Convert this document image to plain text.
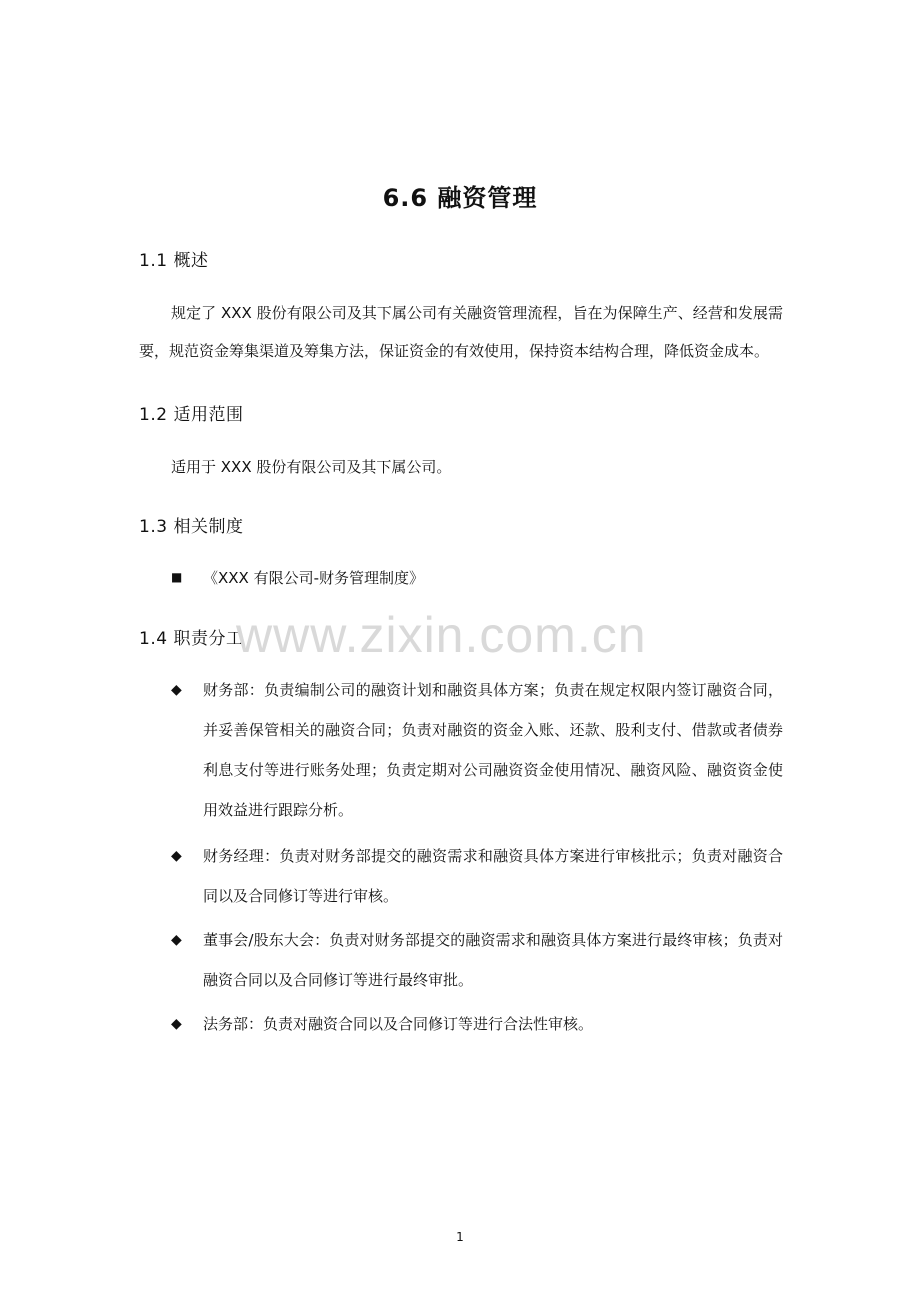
6.6 融资管理
1.1 概述
规定了 XXX 股份有限公司及其下属公司有关融资管理流程，旨在为保障生产、经营和发展需要，规范资金筹集渠道及筹集方法，保证资金的有效使用，保持资本结构合理，降低资金成本。
1.2 适用范围
适用于 XXX 股份有限公司及其下属公司。
1.3 相关制度
■ 《XXX 有限公司-财务管理制度》
1.4 职责分工
◆ 财务部：负责编制公司的融资计划和融资具体方案；负责在规定权限内签订融资合同，并妥善保管相关的融资合同；负责对融资的资金入账、还款、股利支付、借款或者债券利息支付等进行账务处理；负责定期对公司融资资金使用情况、融资风险、融资资金使用效益进行跟踪分析。
◆ 财务经理：负责对财务部提交的融资需求和融资具体方案进行审核批示；负责对融资合同以及合同修订等进行审核。
◆ 董事会/股东大会：负责对财务部提交的融资需求和融资具体方案进行最终审核；负责对融资合同以及合同修订等进行最终审批。
◆ 法务部：负责对融资合同以及合同修订等进行合法性审核。
www.zixin.com.cn
1
